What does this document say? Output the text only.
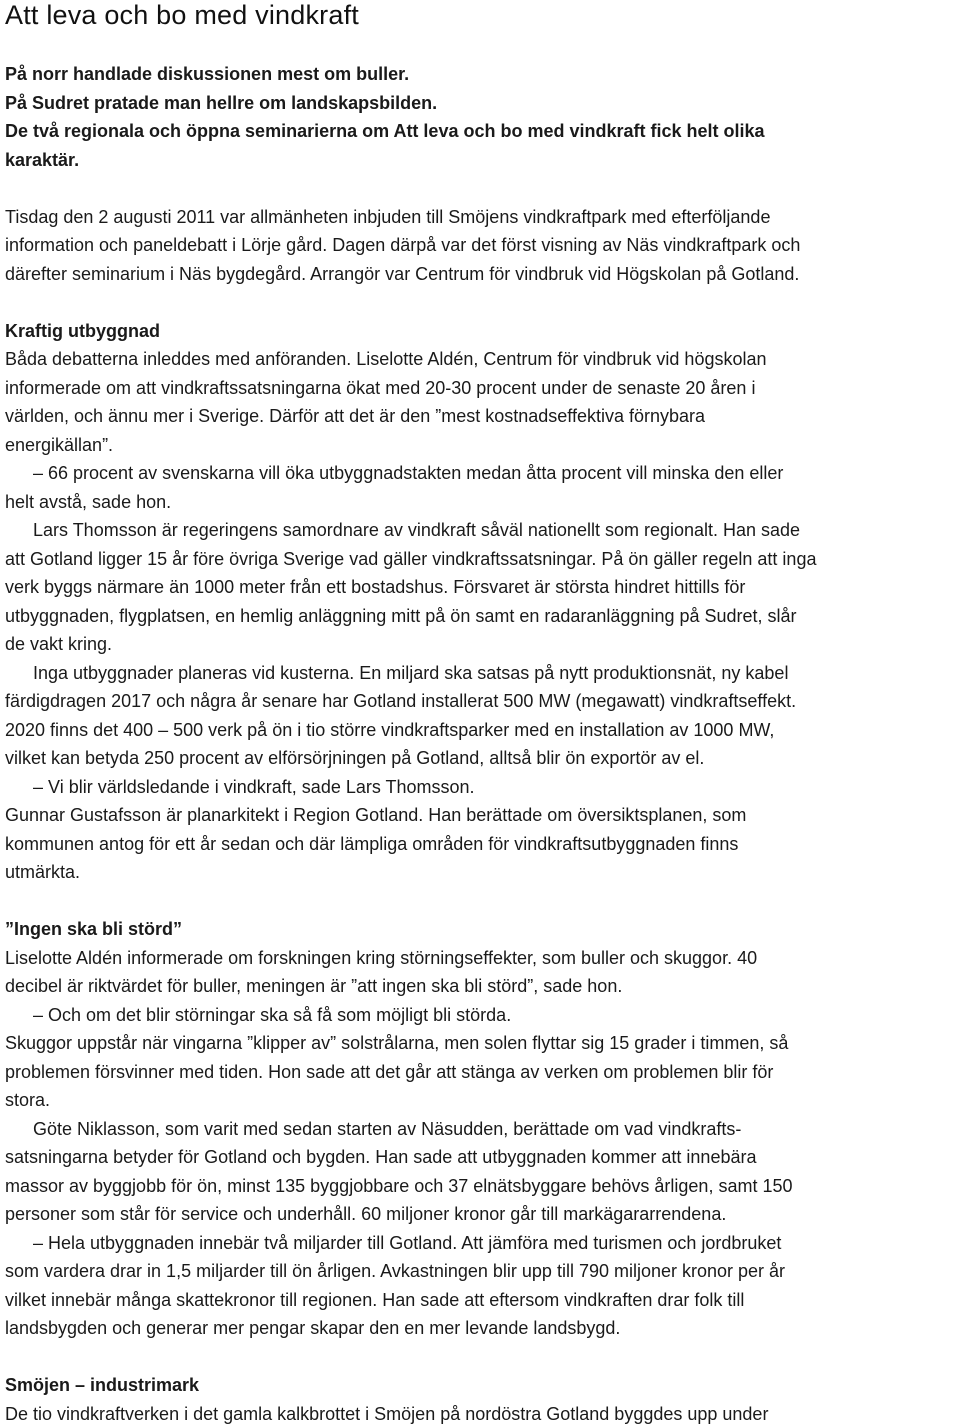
Att leva och bo med vindkraft
På norr handlade diskussionen mest om buller.
På Sudret pratade man hellre om landskapsbilden.
De två regionala och öppna seminarierna om Att leva och bo med vindkraft fick helt olika
karaktär.
Tisdag den 2 augusti 2011 var allmänheten inbjuden till Smöjens vindkraftpark med efterföljande
information och paneldebatt i Lörje gård. Dagen därpå var det först visning av Näs vindkraftpark och
därefter seminarium i Näs bygdegård. Arrangör var Centrum för vindbruk vid Högskolan på Gotland.
Kraftig utbyggnad
Båda debatterna inleddes med anföranden. Liselotte Aldén, Centrum för vindbruk vid högskolan
informerade om att vindkraftssatsningarna ökat med 20-30 procent under de senaste 20 åren i
världen, och ännu mer i Sverige. Därför att det är den ”mest kostnadseffektiva förnybara
energikällan”.
– 66 procent av svenskarna vill öka utbyggnadstakten medan åtta procent vill minska den eller
helt avstå, sade hon.
Lars Thomsson är regeringens samordnare av vindkraft såväl nationellt som regionalt. Han sade
att Gotland ligger 15 år före övriga Sverige vad gäller vindkraftssatsningar. På ön gäller regeln att inga
verk byggs närmare än 1000 meter från ett bostadshus. Försvaret är största hindret hittills för
utbyggnaden, flygplatsen, en hemlig anläggning mitt på ön samt en radaranläggning på Sudret, slår
de vakt kring.
Inga utbyggnader planeras vid kusterna. En miljard ska satsas på nytt produktionsnät, ny kabel
färdigdragen 2017 och några år senare har Gotland installerat 500 MW (megawatt) vindkraftseffekt.
2020 finns det 400 – 500 verk på ön i tio större vindkraftsparker med en installation av 1000 MW,
vilket kan betyda 250 procent av elförsörjningen på Gotland, alltså blir ön exportör av el.
– Vi blir världsledande i vindkraft, sade Lars Thomsson.
Gunnar Gustafsson är planarkitekt i Region Gotland. Han berättade om översiktsplanen, som
kommunen antog för ett år sedan och där lämpliga områden för vindkraftsutbyggnaden finns
utmärkta.
”Ingen ska bli störd”
Liselotte Aldén informerade om forskningen kring störningseffekter, som buller och skuggor. 40
decibel är riktvärdet för buller, meningen är ”att ingen ska bli störd”, sade hon.
– Och om det blir störningar ska så få som möjligt bli störda.
Skuggor uppstår när vingarna ”klipper av” solstrålarna, men solen flyttar sig 15 grader i timmen, så
problemen försvinner med tiden. Hon sade att det går att stänga av verken om problemen blir för
stora.
Göte Niklasson, som varit med sedan starten av Näsudden, berättade om vad vindkrafts-
satsningarna betyder för Gotland och bygden. Han sade att utbyggnaden kommer att innebära
massor av byggjobb för ön, minst 135 byggjobbare och 37 elnätsbyggare behövs årligen, samt 150
personer som står för service och underhåll. 60 miljoner kronor går till markägararrendena.
– Hela utbyggnaden innebär två miljarder till Gotland. Att jämföra med turismen och jordbruket
som vardera drar in 1,5 miljarder till ön årligen. Avkastningen blir upp till 790 miljoner kronor per år
vilket innebär många skattekronor till regionen. Han sade att eftersom vindkraften drar folk till
landsbygden och generar mer pengar skapar den en mer levande landsbygd.
Smöjen – industrimark
De tio vindkraftverken i det gamla kalkbrottet i Smöjen på nordöstra Gotland byggdes upp under
